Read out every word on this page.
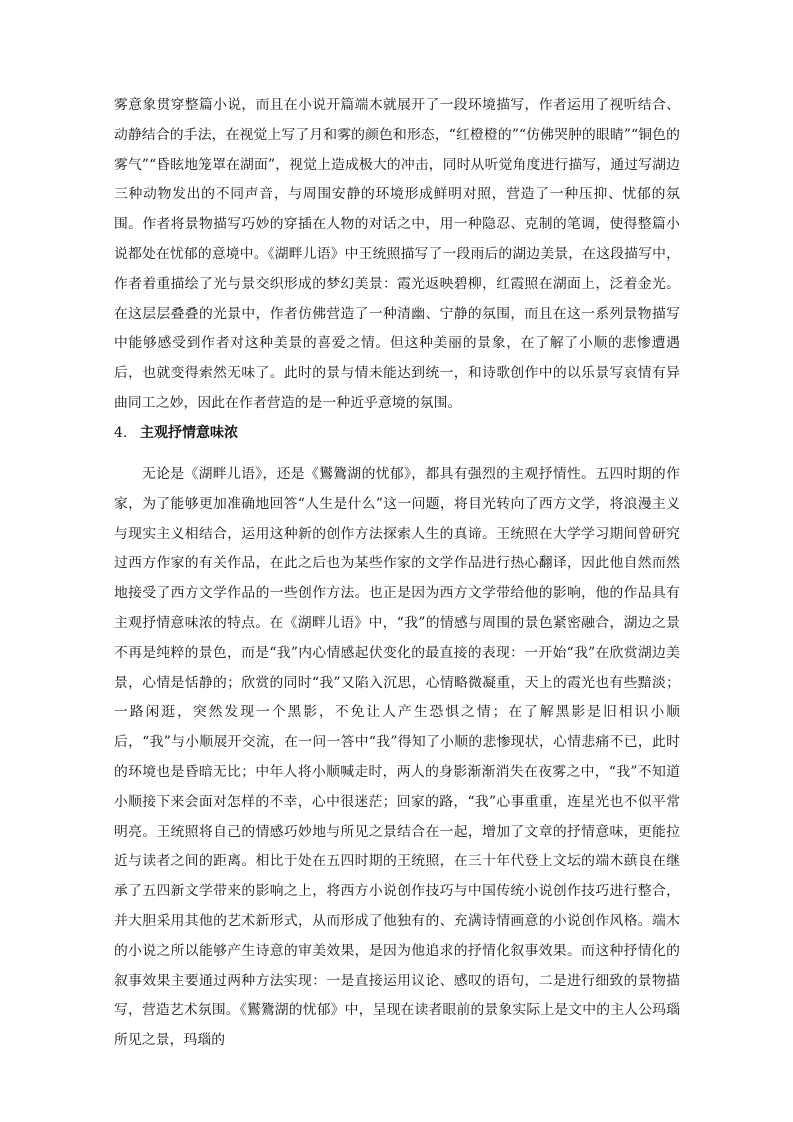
雾意象贯穿整篇小说，而且在小说开篇端木就展开了一段环境描写，作者运用了视听结合、动静结合的手法，在视觉上写了月和雾的颜色和形态，“红橙橙的”“仿佛哭肿的眼睛”“铜色的雾气”“昏眩地笼罩在湖面”，视觉上造成极大的冲击，同时从听觉角度进行描写，通过写湖边三种动物发出的不同声音，与周围安静的环境形成鲜明对照，营造了一种压抑、忧郁的氛围。作者将景物描写巧妙的穿插在人物的对话之中，用一种隐忍、克制的笔调，使得整篇小说都处在忧郁的意境中。《湖畔儿语》中王统照描写了一段雨后的湖边美景，在这段描写中，作者着重描绘了光与景交织形成的梦幻美景：霞光返映碧柳，红霞照在湖面上，泛着金光。在这层层叠叠的光景中，作者仿佛营造了一种清幽、宁静的氛围，而且在这一系列景物描写中能够感受到作者对这种美景的喜爱之情。但这种美丽的景象，在了解了小顺的悲惨遭遇后，也就变得索然无味了。此时的景与情未能达到统一，和诗歌创作中的以乐景写哀情有异曲同工之妙，因此在作者营造的是一种近乎意境的氛围。

4. 主观抒情意味浓

无论是《湖畔儿语》，还是《鸑鷟湖的忧郁》，都具有强烈的主观抒情性。五四时期的作家，为了能够更加准确地回答“人生是什么”这一问题，将目光转向了西方文学，将浪漫主义与现实主义相结合，运用这种新的创作方法探索人生的真谛。王统照在大学学习期间曾研究过西方作家的有关作品，在此之后也为某些作家的文学作品进行热心翻译，因此他自然而然地接受了西方文学作品的一些创作方法。也正是因为西方文学带给他的影响，他的作品具有主观抒情意味浓的特点。在《湖畔儿语》中，“我”的情感与周围的景色紧密融合，湖边之景不再是纯粹的景色，而是“我”内心情感起伏变化的最直接的表现：一开始“我”在欣赏湖边美景，心情是恬静的；欣赏的同时“我”又陷入沉思，心情略微凝重，天上的霞光也有些黯淡；一路闲逛，突然发现一个黑影，不免让人产生恐惧之情；在了解黑影是旧相识小顺后，“我”与小顺展开交流，在一问一答中“我”得知了小顺的悲惨现状，心情悲痛不已，此时的环境也是昏暗无比；中年人将小顺喊走时，两人的身影渐渐消失在夜雾之中，“我”不知道小顺接下来会面对怎样的不幸，心中很迷茫；回家的路，“我”心事重重，连星光也不似平常明亮。王统照将自己的情感巧妙地与所见之景结合在一起，增加了文章的抒情意味，更能拉近与读者之间的距离。相比于处在五四时期的王统照，在三十年代登上文坛的端木蕻良在继承了五四新文学带来的影响之上，将西方小说创作技巧与中国传统小说创作技巧进行整合，并大胆采用其他的艺术新形式，从而形成了他独有的、充满诗情画意的小说创作风格。端木的小说之所以能够产生诗意的审美效果，是因为他追求的抒情化叙事效果。而这种抒情化的叙事效果主要通过两种方法实现：一是直接运用议论、感叹的语句，二是进行细致的景物描写，营造艺术氛围。《鸑鷟湖的忧郁》中，呈现在读者眼前的景象实际上是文中的主人公玛瑙所见之景，玛瑙的
